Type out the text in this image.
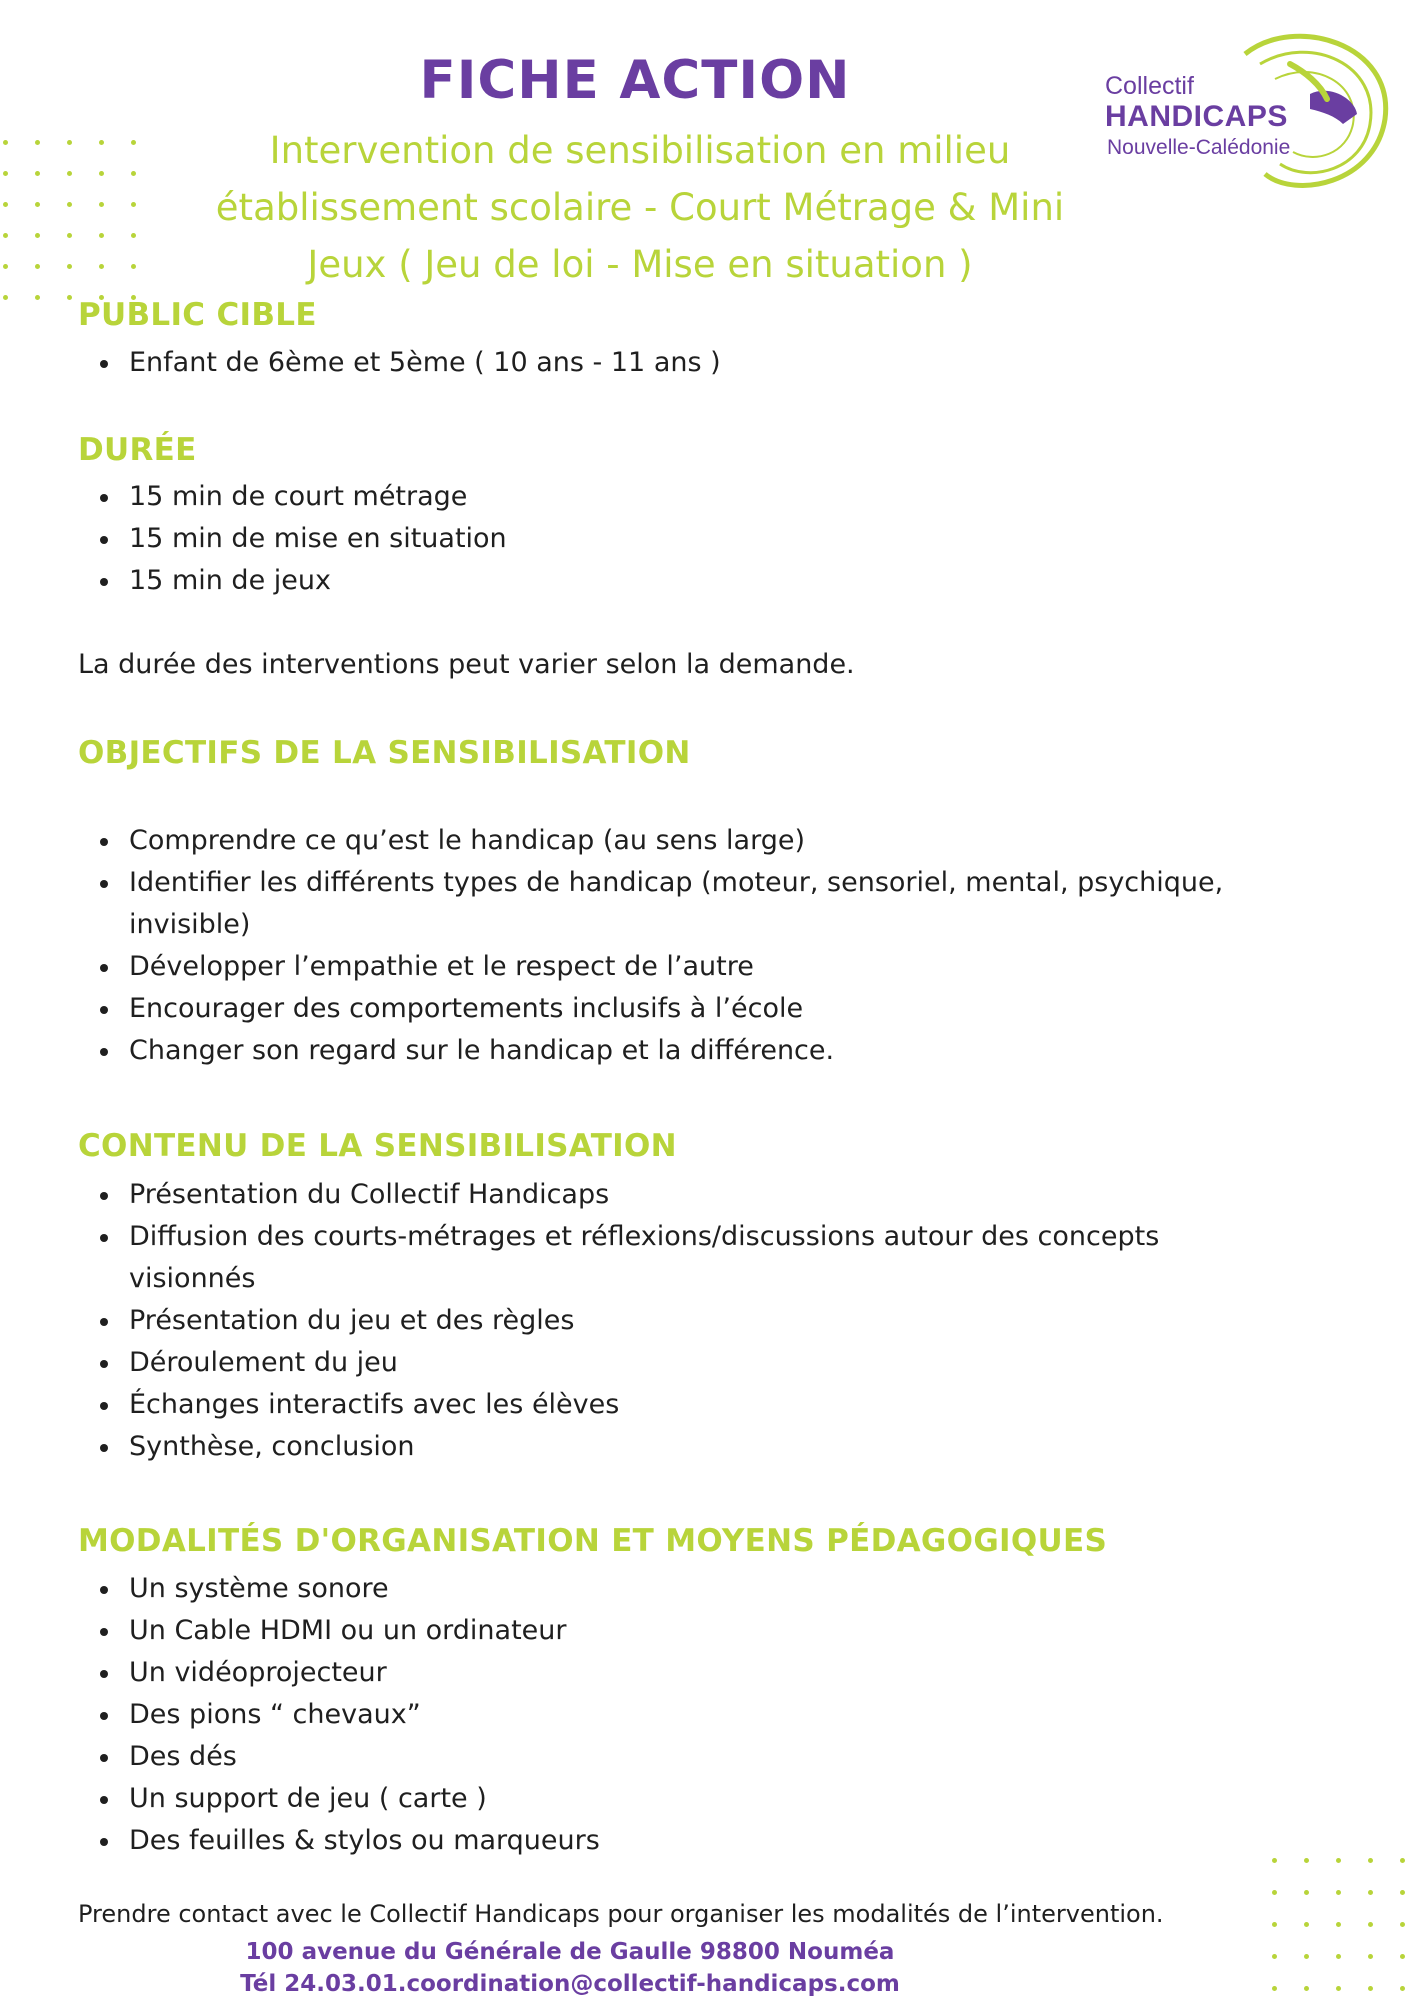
Collectif
HANDICAPS
Nouvelle-Calédonie
FICHE ACTION
Intervention de sensibilisation en milieu
établissement scolaire - Court Métrage & Mini
Jeux ( Jeu de loi - Mise en situation )
PUBLIC CIBLE
Enfant de 6ème et 5ème ( 10 ans - 11 ans )
DURÉE
15 min de court métrage
15 min de mise en situation
15 min de jeux

La durée des interventions peut varier selon la demande.

OBJECTIFS DE LA SENSIBILISATION
Comprendre ce qu’est le handicap (au sens large)
Identifier les différents types de handicap (moteur, sensoriel, mental, psychique, invisible)
Développer l’empathie et le respect de l’autre
Encourager des comportements inclusifs à l’école
Changer son regard sur le handicap et la différence.
CONTENU DE LA SENSIBILISATION
Présentation du Collectif Handicaps
Diffusion des courts-métrages et réflexions/discussions autour des concepts visionnés
Présentation du jeu et des règles
Déroulement du jeu
Échanges interactifs avec les élèves
Synthèse, conclusion
MODALITÉS D'ORGANISATION ET MOYENS PÉDAGOGIQUES
Un système sonore
Un Cable HDMI ou un ordinateur
Un vidéoprojecteur
Des pions “ chevaux”
Des dés
Un support de jeu ( carte )
Des feuilles & stylos ou marqueurs

Prendre contact avec le Collectif Handicaps pour organiser les modalités de l’intervention.

100 avenue du Générale de Gaulle 98800 Nouméa

Tél 24.03.01.coordination@collectif-handicaps.com
